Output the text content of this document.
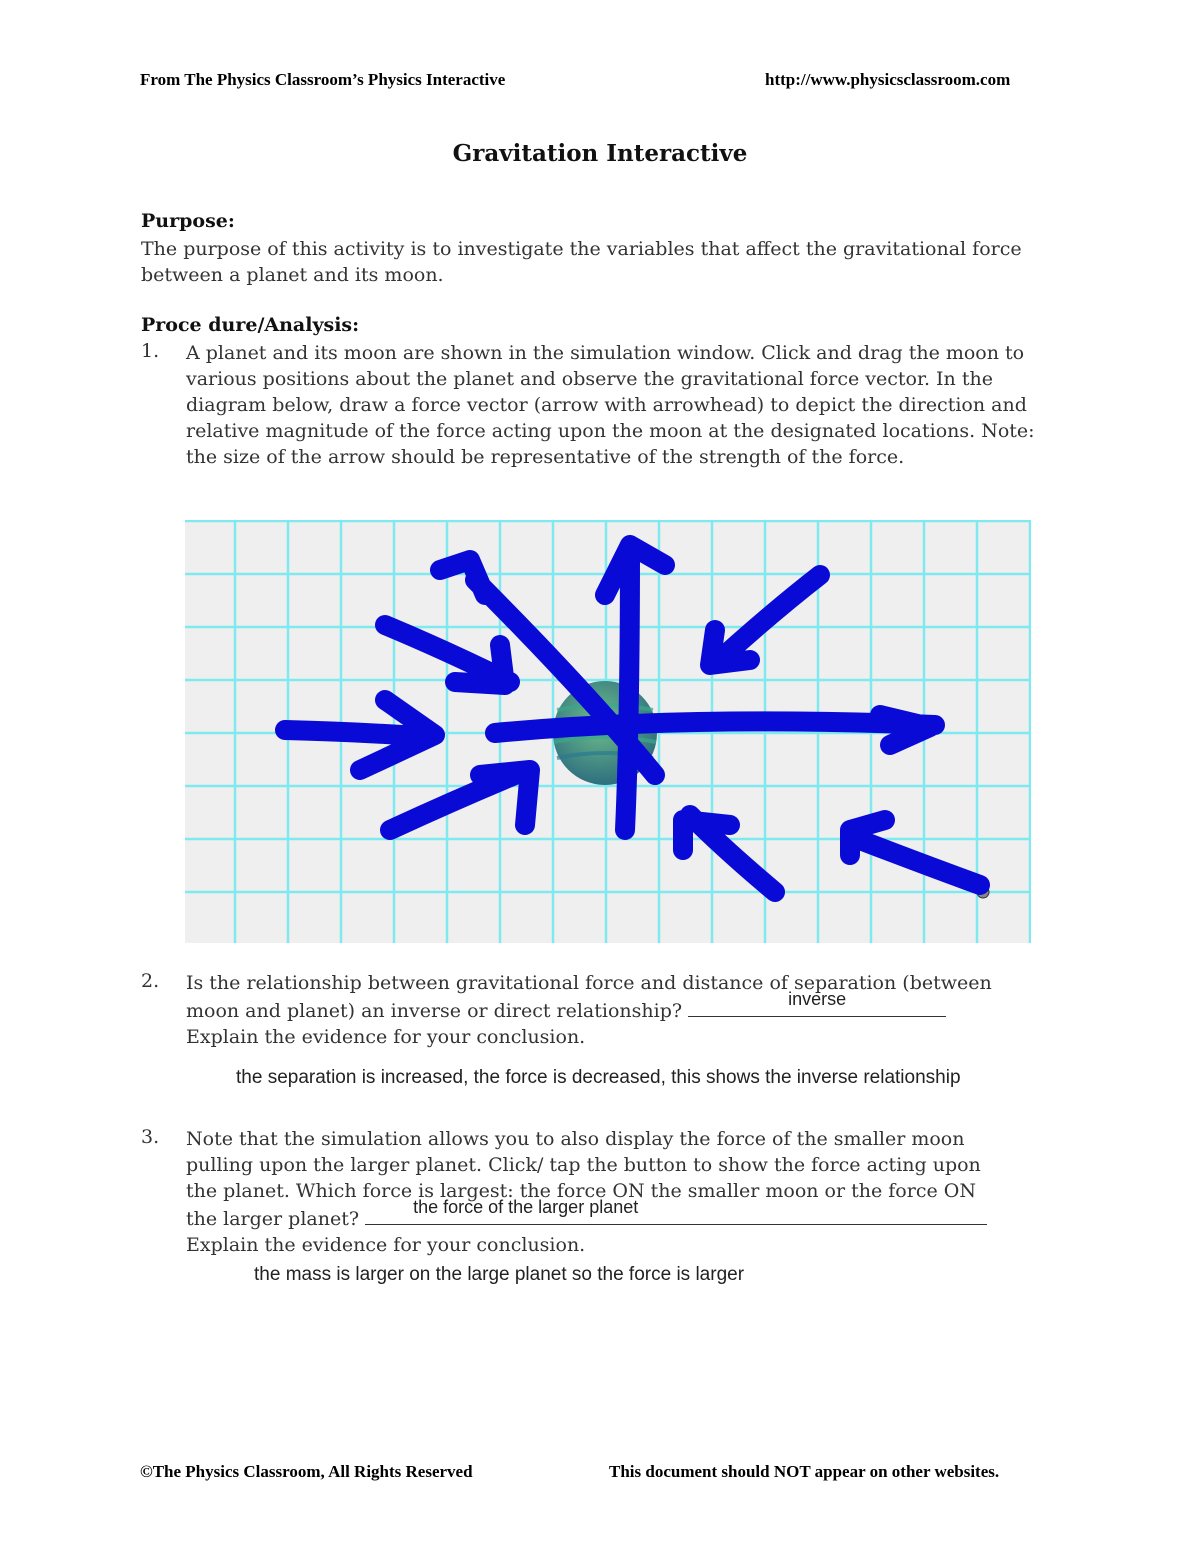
From The Physics Classroom’s Physics Interactive	http://www.physicsclassroom.com
Gravitation Interactive
Purpose:
The purpose of this activity is to investigate the variables that affect the gravitational force between a planet and its moon.
Proce dure/Analysis:
1. A planet and its moon are shown in the simulation window. Click and drag the moon to various positions about the planet and observe the gravitational force vector. In the diagram below, draw a force vector (arrow with arrowhead) to depict the direction and relative magnitude of the force acting upon the moon at the designated locations. Note: the size of the arrow should be representative of the strength of the force.
2. Is the relationship between gravitational force and distance of separation (between
moon and planet) an inverse or direct relationship?
inverse
Explain the evidence for your conclusion.
the separation is increased, the force is decreased, this shows the inverse relationship
3. Note that the simulation allows you to also display the force of the smaller moon
pulling upon the larger planet. Click/ tap the button to show the force acting upon
the planet. Which force is largest: the force ON the smaller moon or the force ON
the larger planet?
the force of the larger planet
Explain the evidence for your conclusion.
the mass is larger on the large planet so the force is larger
©The Physics Classroom, All Rights Reserved	This document should NOT appear on other websites.
